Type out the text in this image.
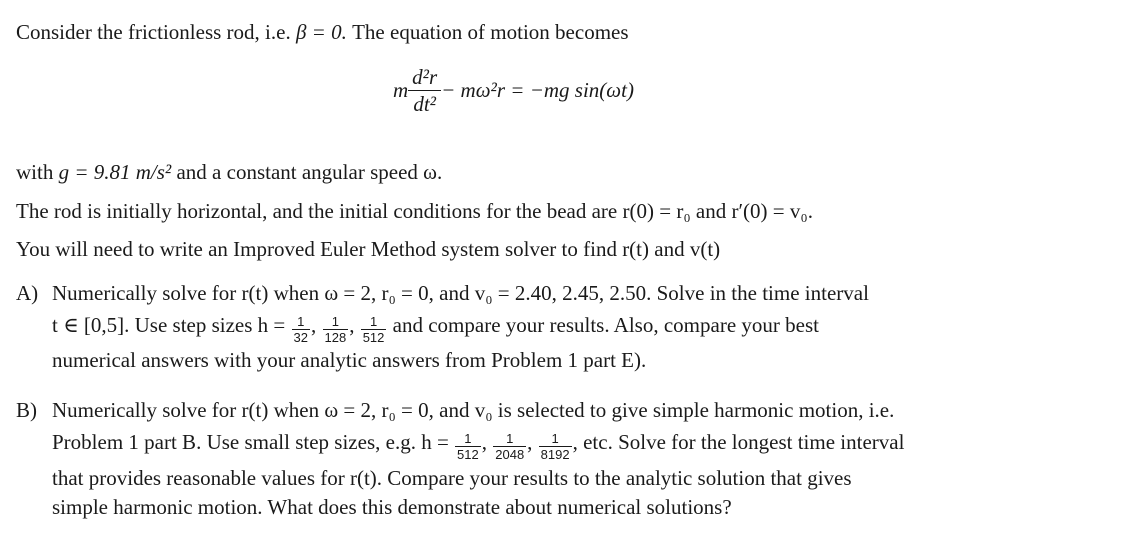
Consider the frictionless rod, i.e. β = 0. The equation of motion becomes
m $\frac{\text{d²r}}{\text{dt²}} - m\omega^2r = -mg$ sin(ωt)
with g = 9.81 m/s² and a constant angular speed ω.
The rod is initially horizontal, and the initial conditions for the bead are r(0) = r₀ and r′(0) = v₀.
You will need to write an Improved Euler Method system solver to find r(t) and v(t)
A) Numerically solve for r(t) when ω = 2, r₀ = 0, and v₀ = 2.40, 2.45, 2.50. Solve in the time interval
t ∈ [0,5]. Use step sizes $h = \frac{1}{32}$ , $\frac{1}{128}$ , $\frac{1}{512}$ and compare your results. Also, compare your best
numerical answers with your analytic answers from Problem 1 part E).
B) Numerically solve for r(t) when ω = 2, r₀ = 0, and v₀ is selected to give simple harmonic motion, i.e.
Problem 1 part B. Use small step sizes, e.g. $h = \frac{1}{512}$ , $\frac{1}{2048}$ , $\frac{1}{8192}$ , etc. Solve for the longest time interval
that provides reasonable values for r(t). Compare your results to the analytic solution that gives
simple harmonic motion. What does this demonstrate about numerical solutions?
